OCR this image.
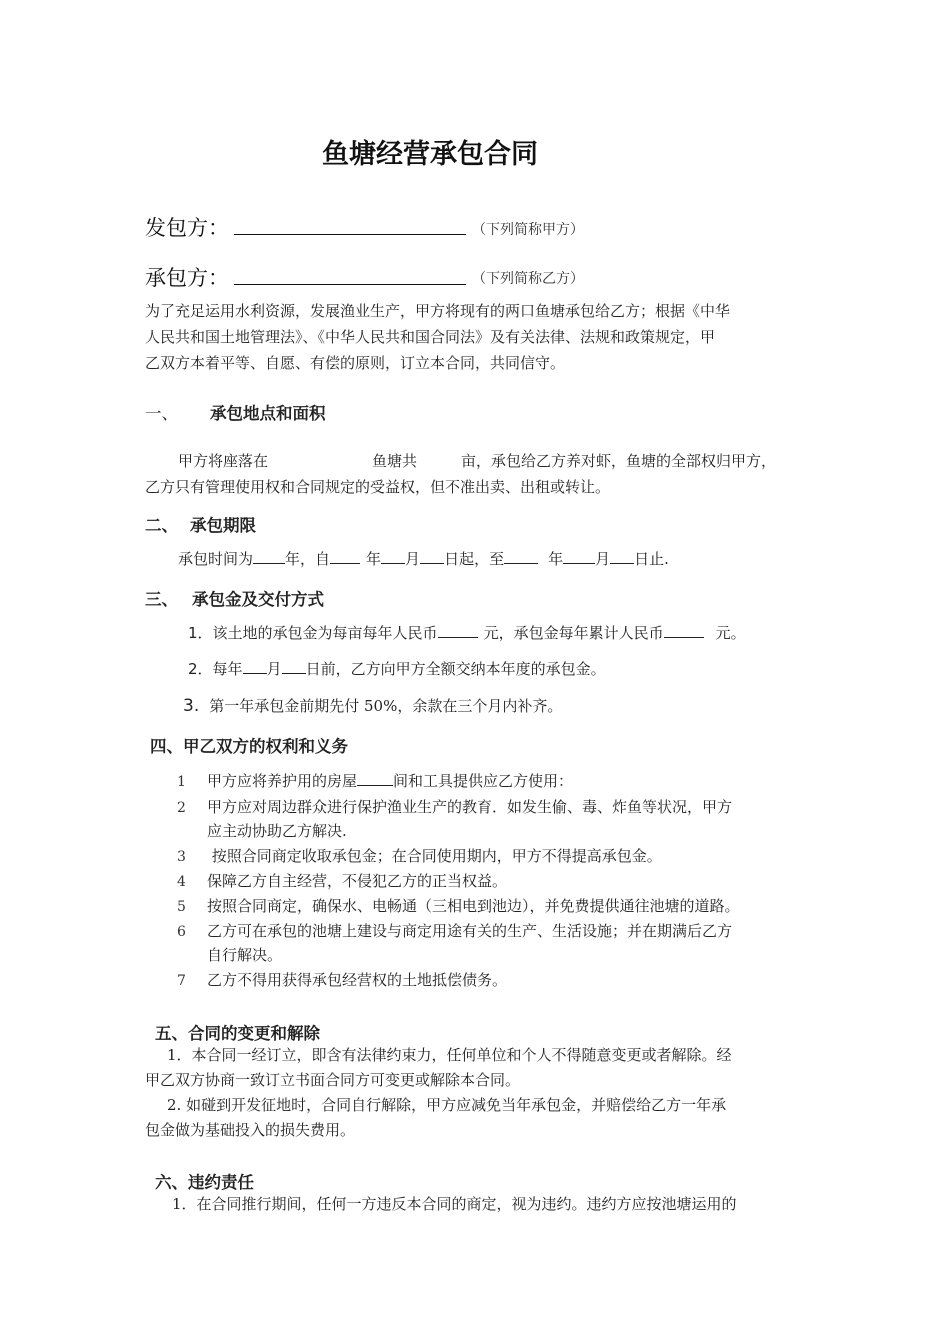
鱼塘经营承包合同
发包方：	（下列简称甲方）
承包方：	（下列简称乙方）
为了充足运用水利资源，发展渔业生产，甲方将现有的两口鱼塘承包给乙方；根据《中华
人民共和国土地管理法》、《中华人民共和国合同法》及有关法律、法规和政策规定，甲
乙双方本着平等、自愿、有偿的原则，订立本合同，共同信守。
一、 承包地点和面积
甲方将座落在	鱼塘共	亩，承包给乙方养对虾，鱼塘的全部权归甲方，
乙方只有管理使用权和合同规定的受益权，但不准出卖、出租或转让。
二、 承包期限
承包时间为 年，自 年 月 日起，至	年 月 日止.
三、 承包金及交付方式
1．该土地的承包金为每亩每年人民币	元，承包金每年累计人民币	元。
2．每年 月 日前，乙方向甲方全额交纳本年度的承包金。
3. 第一年承包金前期先付 50%，余款在三个月内补齐。
四、甲乙双方的权利和义务
1 甲方应将养护用的房屋 间和工具提供应乙方使用：
2 甲方应对周边群众进行保护渔业生产的教育．如发生偷、毒、炸鱼等状况，甲方
应主动协助乙方解决.
3 按照合同商定收取承包金；在合同使用期内，甲方不得提高承包金。
4 保障乙方自主经营，不侵犯乙方的正当权益。
5 按照合同商定，确保水、电畅通（三相电到池边），并免费提供通往池塘的道路。
6 乙方可在承包的池塘上建设与商定用途有关的生产、生活设施；并在期满后乙方
自行解决。
7 乙方不得用获得承包经营权的土地抵偿债务。
五、合同的变更和解除
1．本合同一经订立，即含有法律约束力，任何单位和个人不得随意变更或者解除。经
甲乙双方协商一致订立书面合同方可变更或解除本合同。
2. 如碰到开发征地时，合同自行解除，甲方应减免当年承包金，并赔偿给乙方一年承
包金做为基础投入的损失费用。
六、违约责任
1．在合同推行期间，任何一方违反本合同的商定，视为违约。违约方应按池塘运用的
